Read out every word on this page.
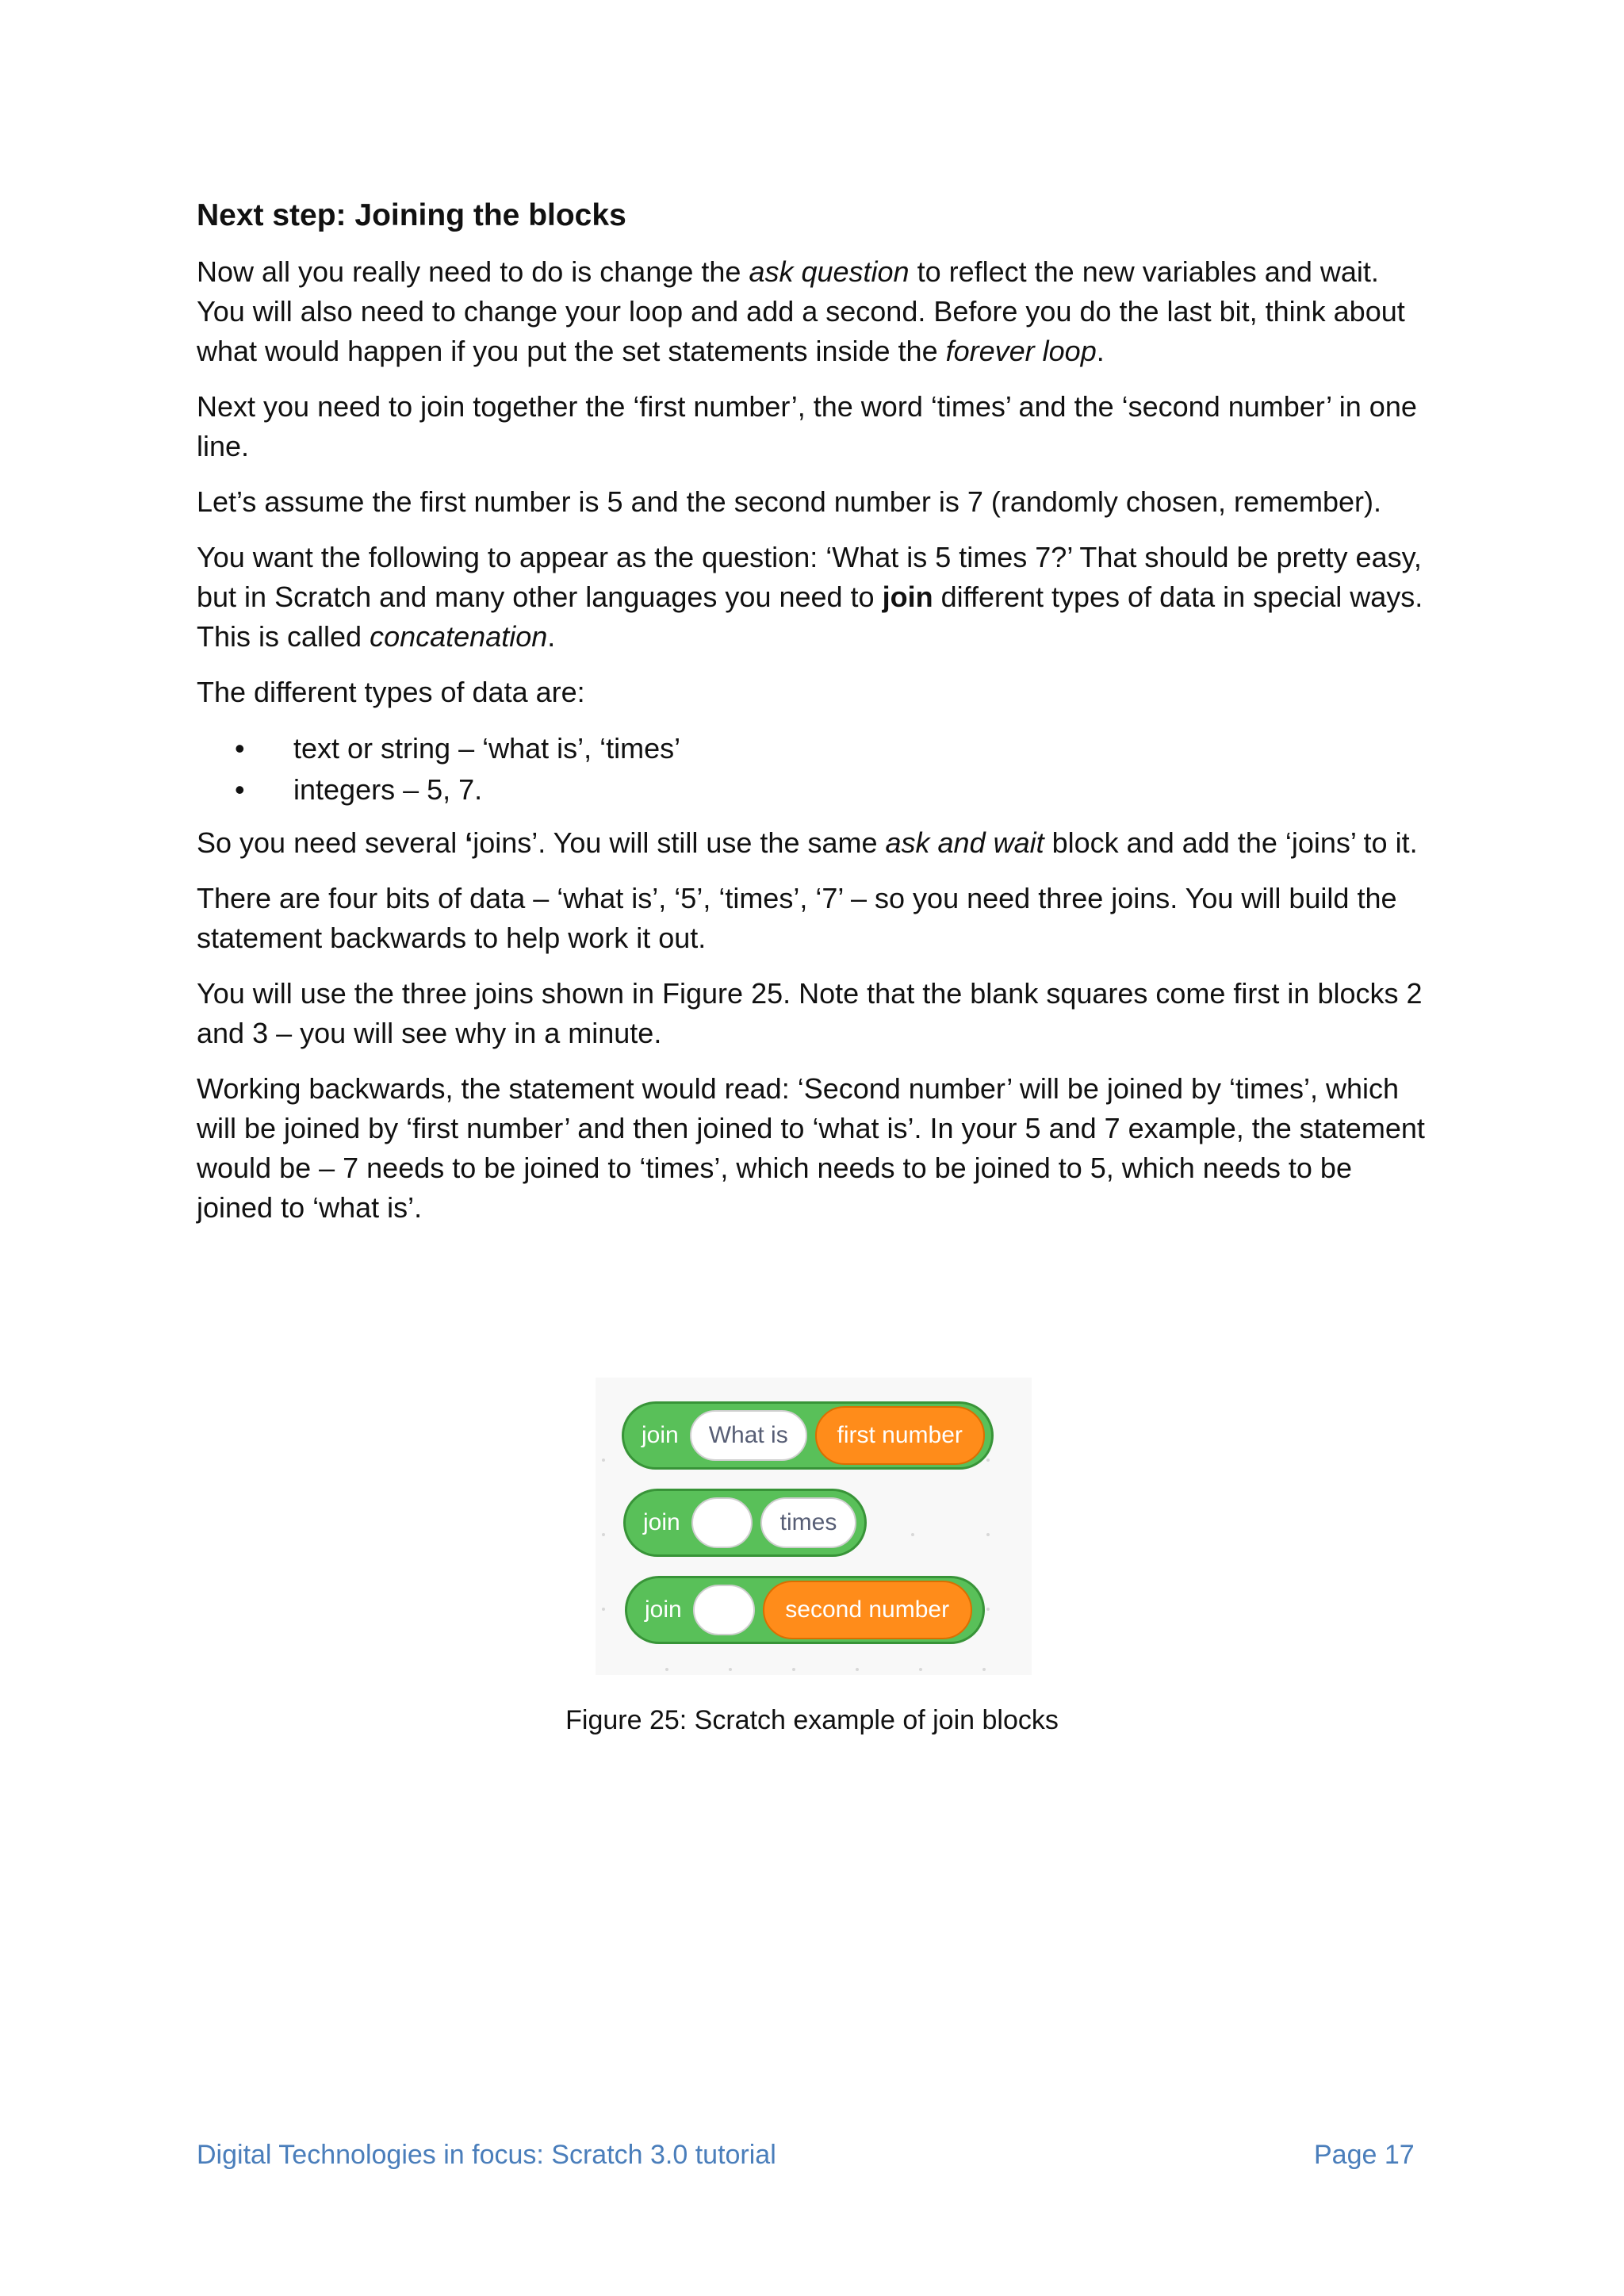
Next step: Joining the blocks

Now all you really need to do is change the ask question to reflect the new variables and wait. You will also need to change your loop and add a second. Before you do the last bit, think about what would happen if you put the set statements inside the forever loop.

Next you need to join together the ‘first number’, the word ‘times’ and the ‘second number’ in one line.

Let’s assume the first number is 5 and the second number is 7 (randomly chosen, remember).

You want the following to appear as the question: ‘What is 5 times 7?’ That should be pretty easy, but in Scratch and many other languages you need to join different types of data in special ways. This is called concatenation.

The different types of data are:

• text or string – ‘what is’, ‘times’
• integers – 5, 7.

So you need several ‘joins’. You will still use the same ask and wait block and add the ‘joins’ to it.

There are four bits of data – ‘what is’, ‘5’, ‘times’, ‘7’ – so you need three joins. You will build the statement backwards to help work it out.

You will use the three joins shown in Figure 25. Note that the blank squares come first in blocks 2 and 3 – you will see why in a minute.

Working backwards, the statement would read: ‘Second number’ will be joined by ‘times’, which will be joined by ‘first number’ and then joined to ‘what is’. In your 5 and 7 example, the statement would be – 7 needs to be joined to ‘times’, which needs to be joined to 5, which needs to be joined to ‘what is’.

join	What is	first number
join	times
join	second number

Figure 25: Scratch example of join blocks

Digital Technologies in focus: Scratch 3.0 tutorial	Page 17
